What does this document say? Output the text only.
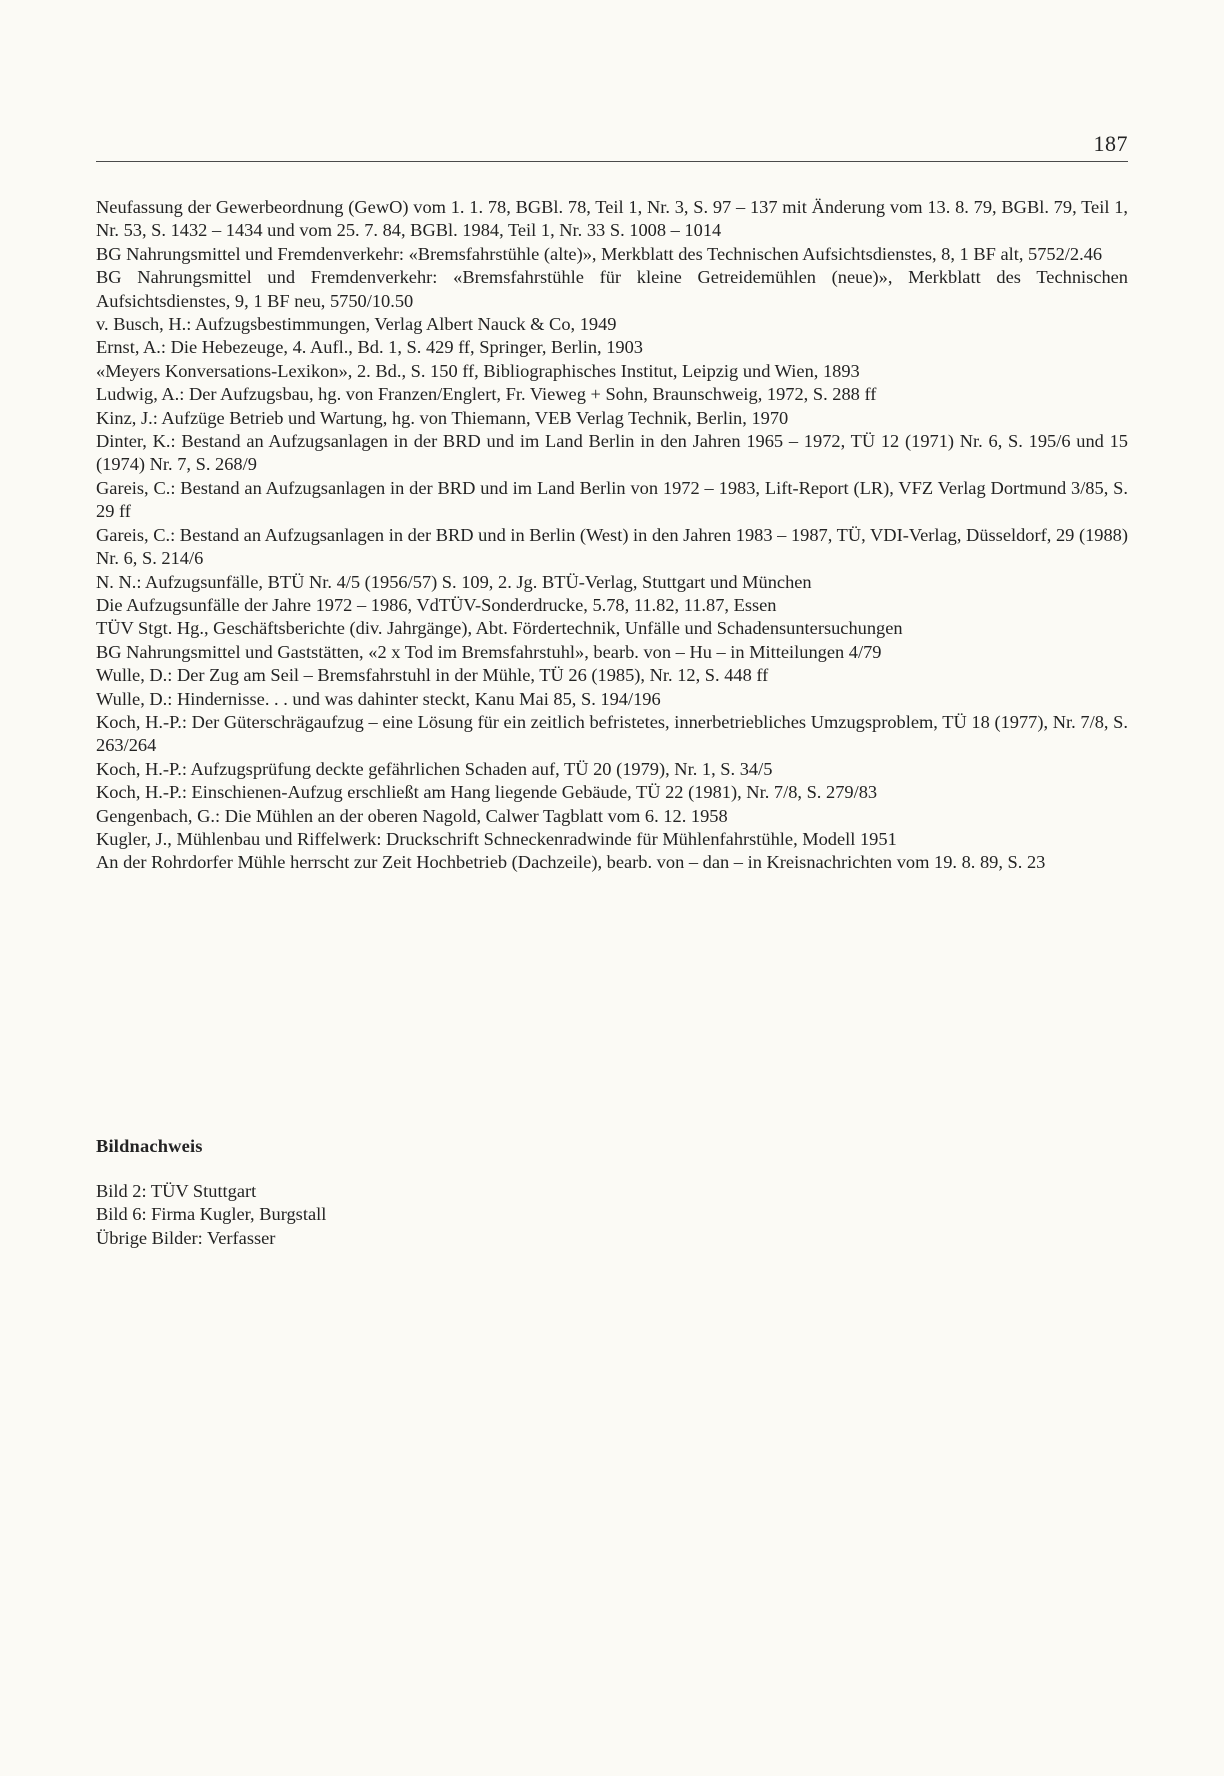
187
Neufassung der Gewerbeordnung (GewO) vom 1. 1. 78, BGBl. 78, Teil 1, Nr. 3, S. 97 – 137 mit Änderung vom 13. 8. 79, BGBl. 79, Teil 1, Nr. 53, S. 1432 – 1434 und vom 25. 7. 84, BGBl. 1984, Teil 1, Nr. 33 S. 1008 – 1014
BG Nahrungsmittel und Fremdenverkehr: «Bremsfahrstühle (alte)», Merkblatt des Technischen Aufsichtsdienstes, 8, 1 BF alt, 5752/2.46
BG Nahrungsmittel und Fremdenverkehr: «Bremsfahrstühle für kleine Getreidemühlen (neue)», Merkblatt des Technischen Aufsichtsdienstes, 9, 1 BF neu, 5750/10.50
v. Busch, H.: Aufzugsbestimmungen, Verlag Albert Nauck & Co, 1949
Ernst, A.: Die Hebezeuge, 4. Aufl., Bd. 1, S. 429 ff, Springer, Berlin, 1903
«Meyers Konversations-Lexikon», 2. Bd., S. 150 ff, Bibliographisches Institut, Leipzig und Wien, 1893
Ludwig, A.: Der Aufzugsbau, hg. von Franzen/Englert, Fr. Vieweg + Sohn, Braunschweig, 1972, S. 288 ff
Kinz, J.: Aufzüge Betrieb und Wartung, hg. von Thiemann, VEB Verlag Technik, Berlin, 1970
Dinter, K.: Bestand an Aufzugsanlagen in der BRD und im Land Berlin in den Jahren 1965 – 1972, TÜ 12 (1971) Nr. 6, S. 195/6 und 15 (1974) Nr. 7, S. 268/9
Gareis, C.: Bestand an Aufzugsanlagen in der BRD und im Land Berlin von 1972 – 1983, Lift-Report (LR), VFZ Verlag Dortmund 3/85, S. 29 ff
Gareis, C.: Bestand an Aufzugsanlagen in der BRD und in Berlin (West) in den Jahren 1983 – 1987, TÜ, VDI-Verlag, Düsseldorf, 29 (1988) Nr. 6, S. 214/6
N. N.: Aufzugsunfälle, BTÜ Nr. 4/5 (1956/57) S. 109, 2. Jg. BTÜ-Verlag, Stuttgart und München
Die Aufzugsunfälle der Jahre 1972 – 1986, VdTÜV-Sonderdrucke, 5.78, 11.82, 11.87, Essen
TÜV Stgt. Hg., Geschäftsberichte (div. Jahrgänge), Abt. Fördertechnik, Unfälle und Schadensuntersuchungen
BG Nahrungsmittel und Gaststätten, «2 x Tod im Bremsfahrstuhl», bearb. von – Hu – in Mitteilungen 4/79
Wulle, D.: Der Zug am Seil – Bremsfahrstuhl in der Mühle, TÜ 26 (1985), Nr. 12, S. 448 ff
Wulle, D.: Hindernisse. . . und was dahinter steckt, Kanu Mai 85, S. 194/196
Koch, H.-P.: Der Güterschrägaufzug – eine Lösung für ein zeitlich befristetes, innerbetriebliches Umzugsproblem, TÜ 18 (1977), Nr. 7/8, S. 263/264
Koch, H.-P.: Aufzugsprüfung deckte gefährlichen Schaden auf, TÜ 20 (1979), Nr. 1, S. 34/5
Koch, H.-P.: Einschienen-Aufzug erschließt am Hang liegende Gebäude, TÜ 22 (1981), Nr. 7/8, S. 279/83
Gengenbach, G.: Die Mühlen an der oberen Nagold, Calwer Tagblatt vom 6. 12. 1958
Kugler, J., Mühlenbau und Riffelwerk: Druckschrift Schneckenradwinde für Mühlenfahrstühle, Modell 1951
An der Rohrdorfer Mühle herrscht zur Zeit Hochbetrieb (Dachzeile), bearb. von – dan – in Kreisnachrichten vom 19. 8. 89, S. 23
Bildnachweis
Bild 2: TÜV Stuttgart
Bild 6: Firma Kugler, Burgstall
Übrige Bilder: Verfasser
